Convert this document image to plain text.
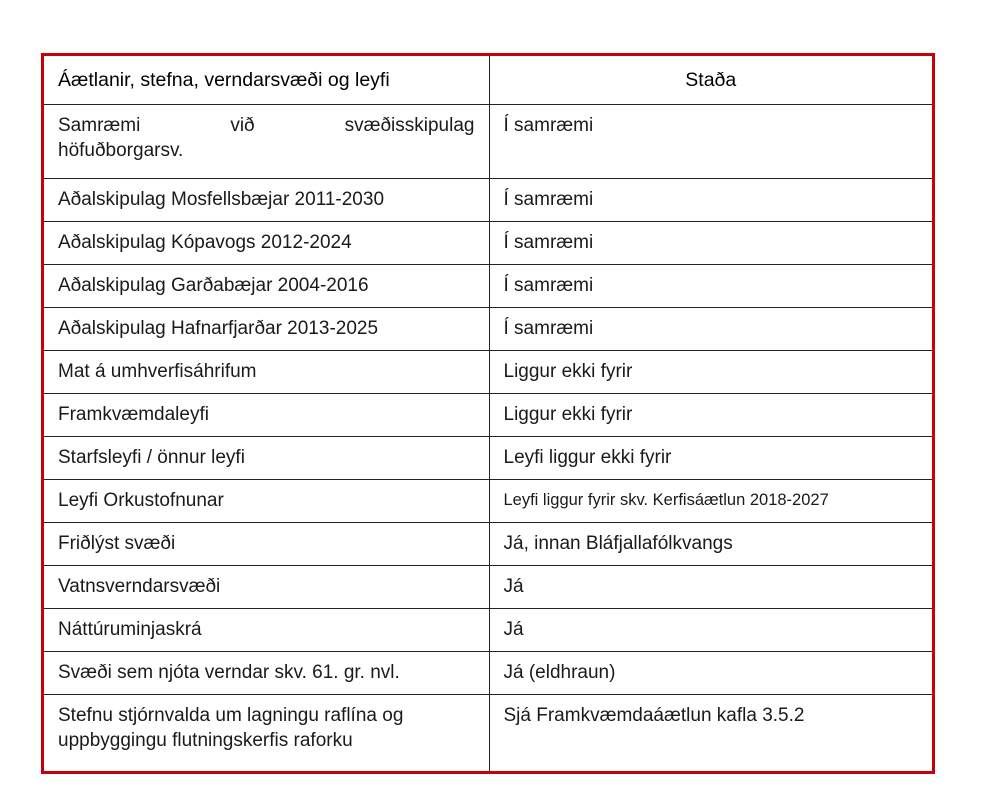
Áætlanir, stefna, verndarsvæði og leyfi	Staða

Samræmi við svæðisskipulag
höfuðborgarsv.	Í samræmi
Aðalskipulag Mosfellsbæjar 2011-2030	Í samræmi
Aðalskipulag Kópavogs 2012-2024	Í samræmi
Aðalskipulag Garðabæjar 2004-2016	Í samræmi
Aðalskipulag Hafnarfjarðar 2013-2025	Í samræmi
Mat á umhverfisáhrifum	Liggur ekki fyrir
Framkvæmdaleyfi	Liggur ekki fyrir
Starfsleyfi / önnur leyfi	Leyfi liggur ekki fyrir
Leyfi Orkustofnunar	Leyfi liggur fyrir skv. Kerfisáætlun 2018-2027
Friðlýst svæði	Já, innan Bláfjallafólkvangs
Vatnsverndarsvæði	Já
Náttúruminjaskrá	Já
Svæði sem njóta verndar skv. 61. gr. nvl.	Já (eldhraun)

Stefnu stjórnvalda um lagningu raflína og
uppbyggingu flutningskerfis raforku	Sjá Framkvæmdaáætlun kafla 3.5.2
